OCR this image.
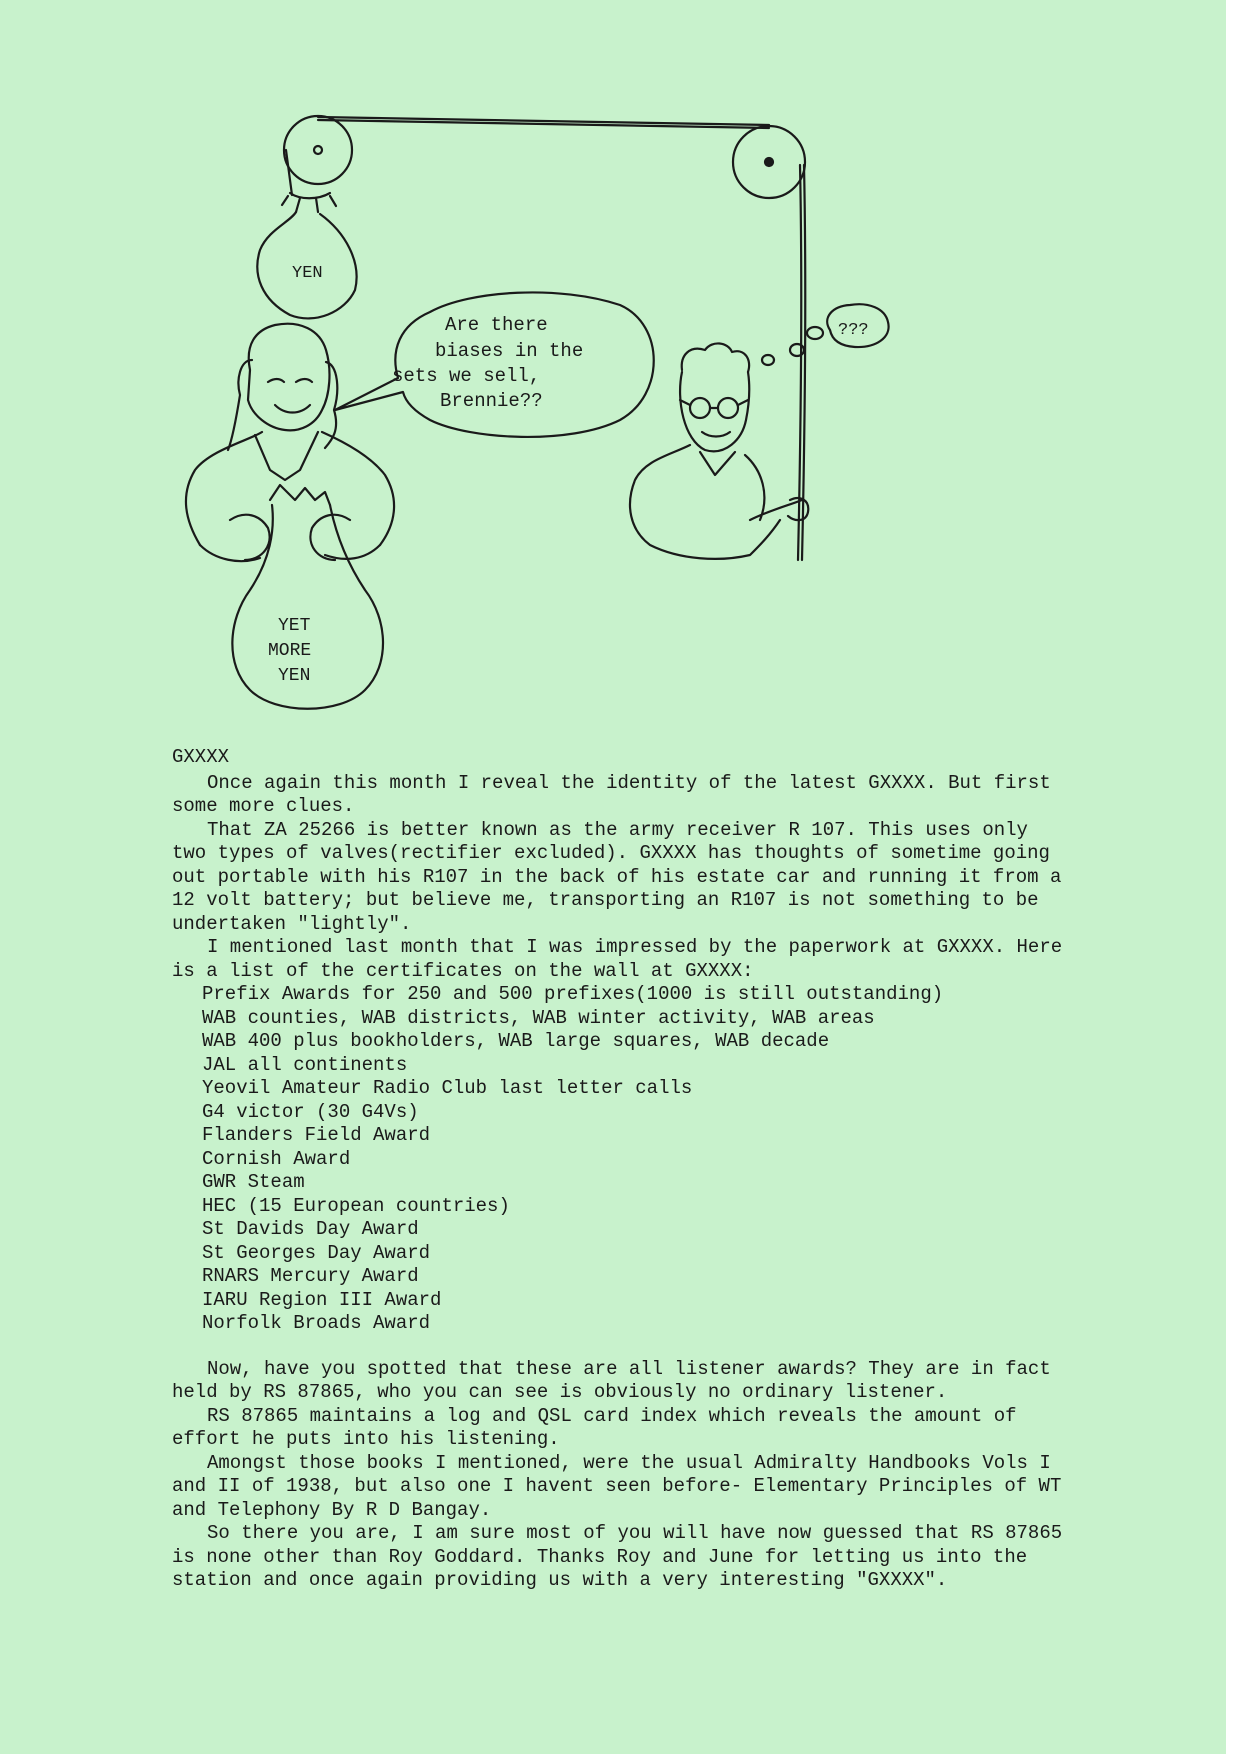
YEN
Are there
biases in the
sets we sell,
Brennie??
YET
MORE
YEN
???
GXXXX

Once again this month I reveal the identity of the latest GXXXX. But first some more clues.

That ZA 25266 is better known as the army receiver R 107. This uses only two types of valves(rectifier excluded). GXXXX has thoughts of sometime going out portable with his R107 in the back of his estate car and running it from a 12 volt battery; but believe me, transporting an R107 is not something to be undertaken "lightly".

I mentioned last month that I was impressed by the paperwork at GXXXX. Here is a list of the certificates on the wall at GXXXX:

Prefix Awards for 250 and 500 prefixes(1000 is still outstanding)
WAB counties, WAB districts, WAB winter activity, WAB areas
WAB 400 plus bookholders, WAB large squares, WAB decade
JAL all continents
Yeovil Amateur Radio Club last letter calls
G4 victor (30 G4Vs)
Flanders Field Award
Cornish Award
GWR Steam
HEC (15 European countries)
St Davids Day Award
St Georges Day Award
RNARS Mercury Award
IARU Region III Award
Norfolk Broads Award

Now, have you spotted that these are all listener awards? They are in fact held by RS 87865, who you can see is obviously no ordinary listener.

RS 87865 maintains a log and QSL card index which reveals the amount of effort he puts into his listening.

Amongst those books I mentioned, were the usual Admiralty Handbooks Vols I and II of 1938, but also one I havent seen before- Elementary Principles of WT and Telephony By R D Bangay.

So there you are, I am sure most of you will have now guessed that RS 87865 is none other than Roy Goddard. Thanks Roy and June for letting us into the station and once again providing us with a very interesting "GXXXX".
